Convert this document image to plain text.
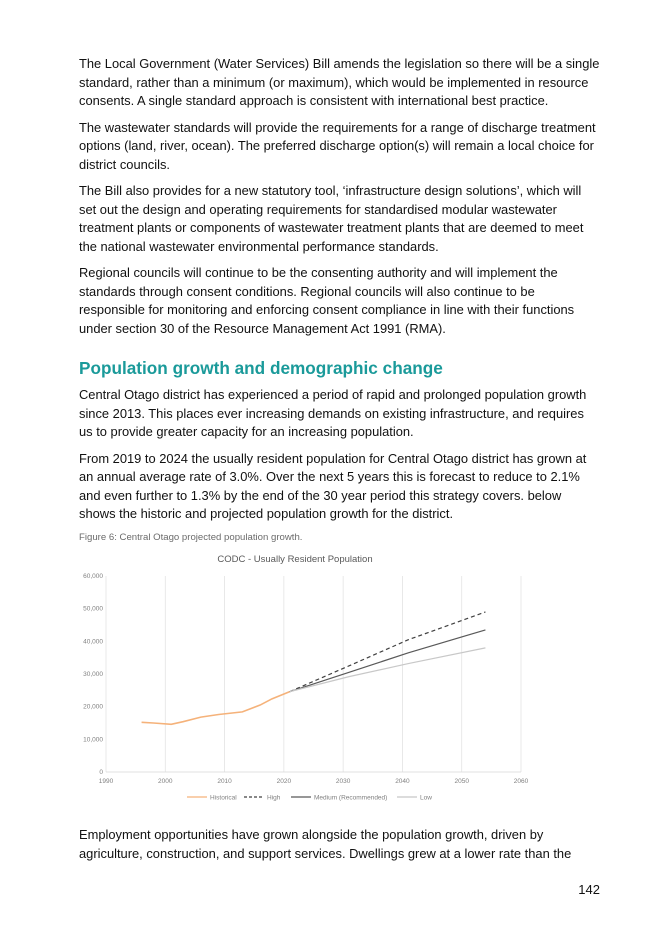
The Local Government (Water Services) Bill amends the legislation so there will be a single standard, rather than a minimum (or maximum), which would be implemented in resource consents. A single standard approach is consistent with international best practice.

The wastewater standards will provide the requirements for a range of discharge treatment options (land, river, ocean). The preferred discharge option(s) will remain a local choice for district councils.

The Bill also provides for a new statutory tool, ‘infrastructure design solutions’, which will set out the design and operating requirements for standardised modular wastewater treatment plants or components of wastewater treatment plants that are deemed to meet the national wastewater environmental performance standards.

Regional councils will continue to be the consenting authority and will implement the standards through consent conditions. Regional councils will also continue to be responsible for monitoring and enforcing consent compliance in line with their functions under section 30 of the Resource Management Act 1991 (RMA).

Population growth and demographic change

Central Otago district has experienced a period of rapid and prolonged population growth since 2013. This places ever increasing demands on existing infrastructure, and requires us to provide greater capacity for an increasing population.

From 2019 to 2024 the usually resident population for Central Otago district has grown at an annual average rate of 3.0%. Over the next 5 years this is forecast to reduce to 2.1% and even further to 1.3% by the end of the 30 year period this strategy covers. below shows the historic and projected population growth for the district.

Figure 6: Central Otago projected population growth.

CODC - Usually Resident Population
1990	2000	2010	2020	2030	2040	2050	2060
0
10,000
20,000
30,000
40,000
50,000
60,000
Historical	High	Medium (Recommended)	Low

Employment opportunities have grown alongside the population growth, driven by agriculture, construction, and support services. Dwellings grew at a lower rate than the

142
